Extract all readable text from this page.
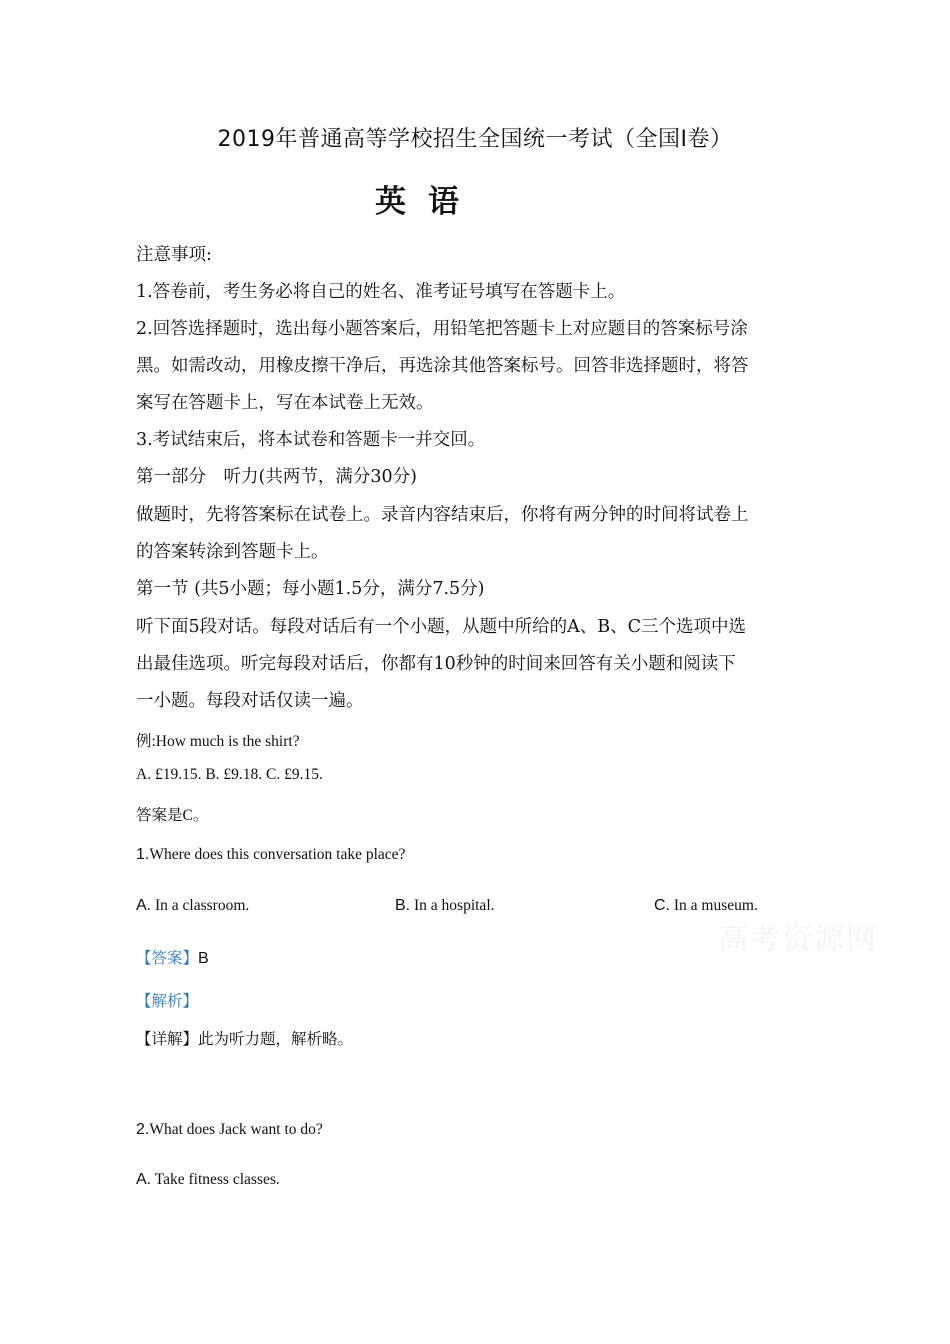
2019年普通高等学校招生全国统一考试（全国Ⅰ卷）
英语
注意事项:
1.答卷前，考生务必将自己的姓名、准考证号填写在答题卡上。
2.回答选择题时，选出每小题答案后，用铅笔把答题卡上对应题目的答案标号涂
黑。如需改动，用橡皮擦干净后，再选涂其他答案标号。回答非选择题时，将答
案写在答题卡上，写在本试卷上无效。
3.考试结束后，将本试卷和答题卡一并交回。
第一部分　听力(共两节，满分30分)
做题时，先将答案标在试卷上。录音内容结束后，你将有两分钟的时间将试卷上
的答案转涂到答题卡上。
第一节 (共5小题；每小题1.5分，满分7.5分)
听下面5段对话。每段对话后有一个小题，从题中所给的A、B、C三个选项中选
出最佳选项。听完每段对话后，你都有10秒钟的时间来回答有关小题和阅读下
一小题。每段对话仅读一遍。
例:How much is the shirt?
A. £19.15. B. £9.18. C. £9.15.
答案是C。
1.Where does this conversation take place?
A. In a classroom.	B. In a hospital.	C. In a museum.
高考资源网
【答案】B
【解析】
【详解】此为听力题，解析略。
2.What does Jack want to do?
A. Take fitness classes.
